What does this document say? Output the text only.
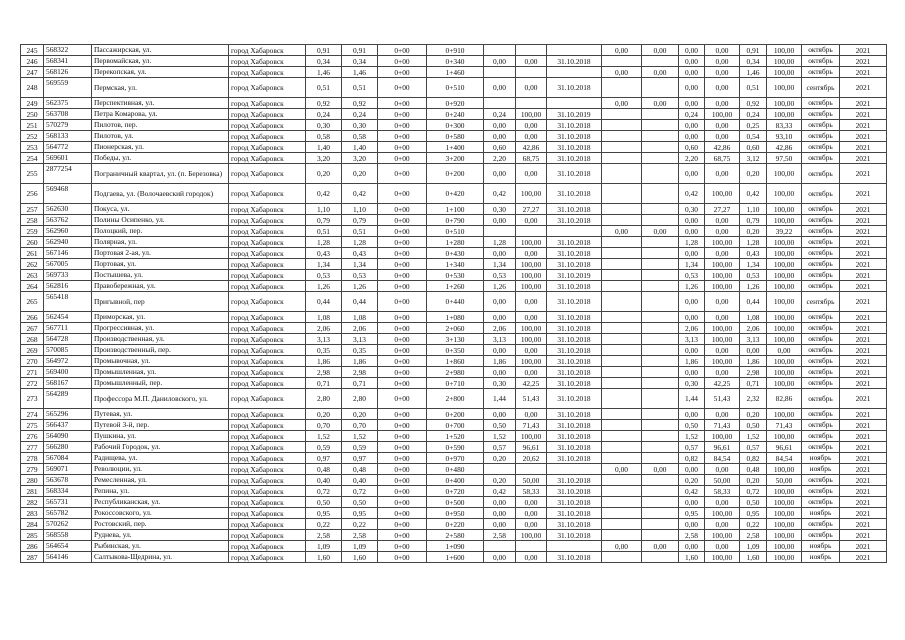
245	568322	Пассажирская, ул.	город Хабаровск	0,91	0,91	0+00	0+910				0,00	0,00	0,00	0,00	0,91	100,00	октябрь	2021
246	568341	Первомайская, ул.	город Хабаровск	0,34	0,34	0+00	0+340	0,00	0,00	31.10.2018			0,00	0,00	0,34	100,00	октябрь	2021
247	568126	Перекопская, ул.	город Хабаровск	1,46	1,46	0+00	1+460				0,00	0,00	0,00	0,00	1,46	100,00	октябрь	2021
248	569559	Пермская, ул.	город Хабаровск	0,51	0,51	0+00	0+510	0,00	0,00	31.10.2018			0,00	0,00	0,51	100,00	сентябрь	2021
249	562375	Перспективная, ул.	город Хабаровск	0,92	0,92	0+00	0+920				0,00	0,00	0,00	0,00	0,92	100,00	октябрь	2021
250	563708	Петра Комарова, ул.	город Хабаровск	0,24	0,24	0+00	0+240	0,24	100,00	31.10.2019			0,24	100,00	0,24	100,00	октябрь	2021
251	570279	Пилотов, пер.	город Хабаровск	0,30	0,30	0+00	0+300	0,00	0,00	31.10.2018			0,00	0,00	0,25	83,33	октябрь	2021
252	568133	Пилотов, ул.	город Хабаровск	0,58	0,58	0+00	0+580	0,00	0,00	31.10.2018			0,00	0,00	0,54	93,10	октябрь	2021
253	564772	Пионерская, ул.	город Хабаровск	1,40	1,40	0+00	1+400	0,60	42,86	31.10.2018			0,60	42,86	0,60	42,86	октябрь	2021
254	569601	Победы, ул.	город Хабаровск	3,20	3,20	0+00	3+200	2,20	68,75	31.10.2018			2,20	68,75	3,12	97,50	октябрь	2021
255	2877254	Пограничный квартал, ул. (п. Березовка)	город Хабаровск	0,20	0,20	0+00	0+200	0,00	0,00	31.10.2018			0,00	0,00	0,20	100,00	октябрь	2021
256	569468	Подгаева, ул. (Волочаевский городок)	город Хабаровск	0,42	0,42	0+00	0+420	0,42	100,00	31.10.2018			0,42	100,00	0,42	100,00	октябрь	2021
257	562630	Покуса, ул.	город Хабаровск	1,10	1,10	0+00	1+100	0,30	27,27	31.10.2018			0,30	27,27	1,10	100,00	октябрь	2021
258	563762	Полины Осипенко, ул.	город Хабаровск	0,79	0,79	0+00	0+790	0,00	0,00	31.10.2018			0,00	0,00	0,79	100,00	октябрь	2021
259	562960	Полоцкий, пер.	город Хабаровск	0,51	0,51	0+00	0+510				0,00	0,00	0,00	0,00	0,20	39,22	октябрь	2021
260	562940	Полярная, ул.	город Хабаровск	1,28	1,28	0+00	1+280	1,28	100,00	31.10.2018			1,28	100,00	1,28	100,00	октябрь	2021
261	567146	Портовая 2-ая, ул.	город Хабаровск	0,43	0,43	0+00	0+430	0,00	0,00	31.10.2018			0,00	0,00	0,43	100,00	октябрь	2021
262	567005	Портовая, ул.	город Хабаровск	1,34	1,34	0+00	1+340	1,34	100,00	31.10.2018			1,34	100,00	1,34	100,00	октябрь	2021
263	569733	Постышева, ул.	город Хабаровск	0,53	0,53	0+00	0+530	0,53	100,00	31.10.2019			0,53	100,00	0,53	100,00	октябрь	2021
264	562816	Правобережная, ул.	город Хабаровск	1,26	1,26	0+00	1+260	1,26	100,00	31.10.2018			1,26	100,00	1,26	100,00	октябрь	2021
265	565418	Пригывной, пер	город Хабаровск	0,44	0,44	0+00	0+440	0,00	0,00	31.10.2018			0,00	0,00	0,44	100,00	сентябрь	2021
266	562454	Приморская, ул.	город Хабаровск	1,08	1,08	0+00	1+080	0,00	0,00	31.10.2018			0,00	0,00	1,08	100,00	октябрь	2021
267	567711	Прогрессивная, ул.	город Хабаровск	2,06	2,06	0+00	2+060	2,06	100,00	31.10.2018			2,06	100,00	2,06	100,00	октябрь	2021
268	564728	Производственная, ул.	город Хабаровск	3,13	3,13	0+00	3+130	3,13	100,00	31.10.2018			3,13	100,00	3,13	100,00	октябрь	2021
269	570085	Производственный, пер.	город Хабаровск	0,35	0,35	0+00	0+350	0,00	0,00	31.10.2018			0,00	0,00	0,00	0,00	октябрь	2021
270	564972	Промывочная, ул.	город Хабаровск	1,86	1,86	0+00	1+860	1,86	100,00	31.10.2018			1,86	100,00	1,86	100,00	октябрь	2021
271	569400	Промышленная, ул.	город Хабаровск	2,98	2,98	0+00	2+980	0,00	0,00	31.10.2018			0,00	0,00	2,98	100,00	октябрь	2021
272	568167	Промышленный, пер.	город Хабаровск	0,71	0,71	0+00	0+710	0,30	42,25	31.10.2018			0,30	42,25	0,71	100,00	октябрь	2021
273	564289	Профессора М.П. Даниловского, ул.	город Хабаровск	2,80	2,80	0+00	2+800	1,44	51,43	31.10.2018			1,44	51,43	2,32	82,86	октябрь	2021
274	565296	Путевая, ул.	город Хабаровск	0,20	0,20	0+00	0+200	0,00	0,00	31.10.2018			0,00	0,00	0,20	100,00	октябрь	2021
275	566437	Путевой 3-й, пер.	город Хабаровск	0,70	0,70	0+00	0+700	0,50	71,43	31.10.2018			0,50	71,43	0,50	71,43	октябрь	2021
276	564090	Пушкина, ул.	город Хабаровск	1,52	1,52	0+00	1+520	1,52	100,00	31.10.2018			1,52	100,00	1,52	100,00	октябрь	2021
277	566280	Рабочий Городок, ул.	город Хабаровск	0,59	0,59	0+00	0+590	0,57	96,61	31.10.2018			0,57	96,61	0,57	96,61	октябрь	2021
278	567084	Радищева, ул.	город Хабаровск	0,97	0,97	0+00	0+970	0,20	20,62	31.10.2018			0,82	84,54	0,82	84,54	ноябрь	2021
279	569071	Революции, ул.	город Хабаровск	0,48	0,48	0+00	0+480				0,00	0,00	0,00	0,00	0,48	100,00	ноябрь	2021
280	563678	Ремесленная, ул.	город Хабаровск	0,40	0,40	0+00	0+400	0,20	50,00	31.10.2018			0,20	50,00	0,20	50,00	октябрь	2021
281	568334	Репина, ул.	город Хабаровск	0,72	0,72	0+00	0+720	0,42	58,33	31.10.2018			0,42	58,33	0,72	100,00	октябрь	2021
282	565731	Республиканская, ул.	город Хабаровск	0,50	0,50	0+00	0+500	0,00	0,00	31.10.2018			0,00	0,00	0,50	100,00	октябрь	2021
283	565782	Рокоссовского, ул.	город Хабаровск	0,95	0,95	0+00	0+950	0,00	0,00	31.10.2018			0,95	100,00	0,95	100,00	ноябрь	2021
284	570262	Ростовский, пер.	город Хабаровск	0,22	0,22	0+00	0+220	0,00	0,00	31.10.2018			0,00	0,00	0,22	100,00	октябрь	2021
285	568558	Руднева, ул.	город Хабаровск	2,58	2,58	0+00	2+580	2,58	100,00	31.10.2018			2,58	100,00	2,58	100,00	октябрь	2021
286	564654	Рыбинская, ул.	город Хабаровск	1,09	1,09	0+00	1+090				0,00	0,00	0,00	0,00	1,09	100,00	ноябрь	2021
287	564146	Салтыкова-Щедрина, ул.	город Хабаровск	1,60	1,60	0+00	1+600	0,00	0,00	31.10.2018			1,60	100,00	1,60	100,00	ноябрь	2021
